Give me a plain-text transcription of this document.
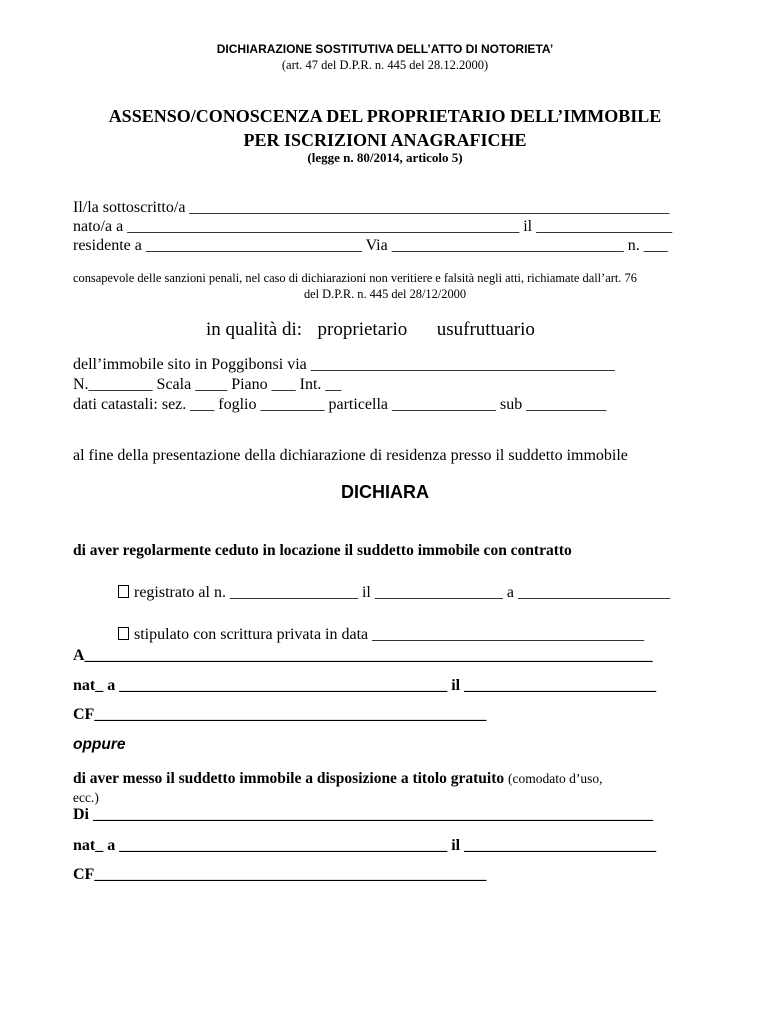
DICHIARAZIONE SOSTITUTIVA DELL’ATTO DI NOTORIETA’
(art. 47 del D.P.R. n. 445 del 28.12.2000)
ASSENSO/CONOSCENZA DEL PROPRIETARIO DELL’IMMOBILE
PER ISCRIZIONI ANAGRAFICHE
(legge n. 80/2014, articolo 5)
Il/la sottoscritto/a ____________________________________________________________
nato/a a _________________________________________________ il _________________
residente a ___________________________ Via _____________________________ n. ___
consapevole delle sanzioni penali, nel caso di dichiarazioni non veritiere e falsità negli atti, richiamate dall’art. 76
del D.P.R. n. 445 del 28/12/2000
in qualità di: proprietario usufruttuario
dell’immobile sito in Poggibonsi via ______________________________________
N.________ Scala ____ Piano ___ Int. __
dati catastali: sez. ___ foglio ________ particella _____________ sub __________
al fine della presentazione della dichiarazione di residenza presso il suddetto immobile
DICHIARA
di aver regolarmente ceduto in locazione il suddetto immobile con contratto
registrato al n. ________________ il ________________ a ___________________
stipulato con scrittura privata in data __________________________________
A_______________________________________________________________________
nat_ a _________________________________________ il ________________________
CF_________________________________________________
oppure
di aver messo il suddetto immobile a disposizione a titolo gratuito (comodato d’uso,
ecc.)
Di ______________________________________________________________________
nat_ a _________________________________________ il ________________________
CF_________________________________________________
